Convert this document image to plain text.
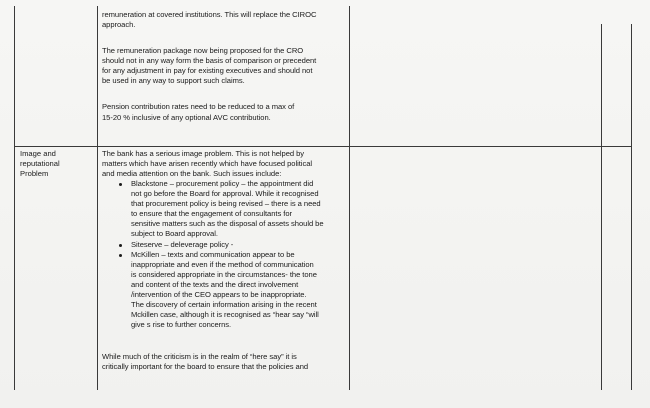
remuneration at covered institutions. This will replace the CIROC
approach.
The remuneration package now being proposed for the CRO
should not in any way form the basis of comparison or precedent
for any adjustment in pay for existing executives and should not
be used in any way to support such claims.
Pension contribution rates need to be reduced to a max of
15-20 % inclusive of any optional AVC contribution.
Image and
reputational
Problem
The bank has a serious image problem. This is not helped by
matters which have arisen recently which have focused political
and media attention on the bank. Such issues include:
Blackstone – procurement policy – the appointment did
not go before the Board for approval. While it recognised
that procurement policy is being revised – there is a need
to ensure that the engagement of consultants for
sensitive matters such as the disposal of assets should be
subject to Board approval.
Siteserve – deleverage policy -
McKillen – texts and communication appear to be
inappropriate and even if the method of communication
is considered appropriate in the circumstances- the tone
and content of the texts and the direct involvement
/intervention of the CEO appears to be inappropriate.
The discovery of certain information arising in the recent
Mckillen case, although it is recognised as “hear say “will
give s rise to further concerns.
While much of the criticism is in the realm of “here say” it is
critically important for the board to ensure that the policies and
